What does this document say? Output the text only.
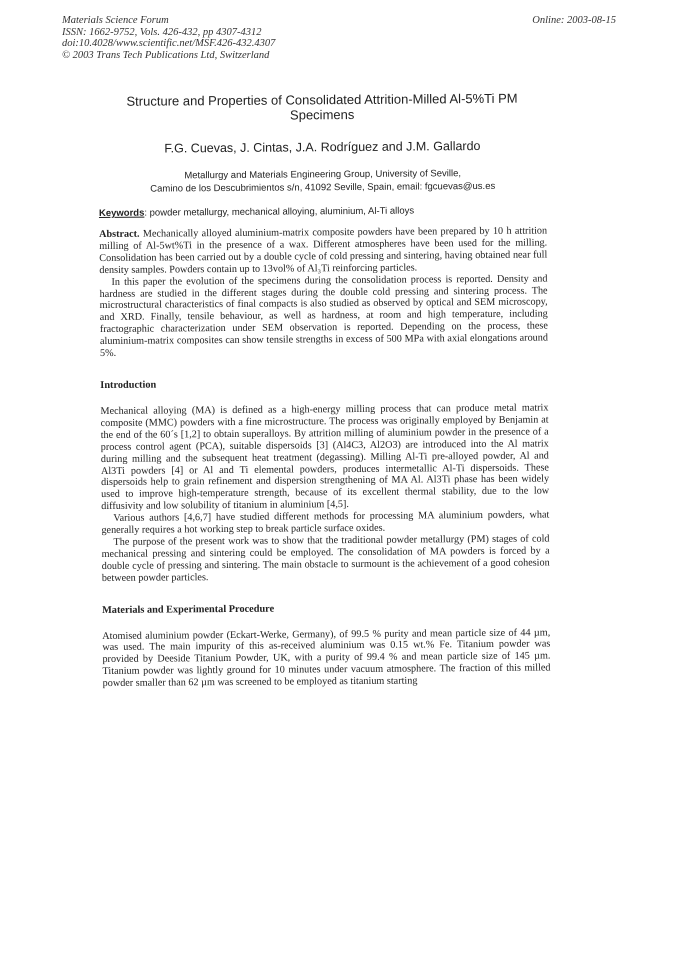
Materials Science Forum
ISSN: 1662-9752, Vols. 426-432, pp 4307-4312
doi:10.4028/www.scientific.net/MSF.426-432.4307
© 2003 Trans Tech Publications Ltd, Switzerland
Online: 2003-08-15
Structure and Properties of Consolidated Attrition-Milled Al-5%Ti PM Specimens
F.G. Cuevas, J. Cintas, J.A. Rodríguez and J.M. Gallardo
Metallurgy and Materials Engineering Group, University of Seville,
Camino de los Descubrimientos s/n, 41092 Seville, Spain, email: fgcuevas@us.es
Keywords: powder metallurgy, mechanical alloying, aluminium, Al-Ti alloys

Abstract. Mechanically alloyed aluminium-matrix composite powders have been prepared by 10 h attrition milling of Al-5wt%Ti in the presence of a wax. Different atmospheres have been used for the milling. Consolidation has been carried out by a double cycle of cold pressing and sintering, having obtained near full density samples. Powders contain up to 13vol% of Al₃Ti reinforcing particles.

In this paper the evolution of the specimens during the consolidation process is reported. Density and hardness are studied in the different stages during the double cold pressing and sintering process. The microstructural characteristics of final compacts is also studied as observed by optical and SEM microscopy, and XRD. Finally, tensile behaviour, as well as hardness, at room and high temperature, including fractographic characterization under SEM observation is reported. Depending on the process, these aluminium-matrix composites can show tensile strengths in excess of 500 MPa with axial elongations around 5%.

Introduction

Mechanical alloying (MA) is defined as a high-energy milling process that can produce metal matrix composite (MMC) powders with a fine microstructure. The process was originally employed by Benjamin at the end of the 60´s [1,2] to obtain superalloys. By attrition milling of aluminium powder in the presence of a process control agent (PCA), suitable dispersoids [3] (Al4C3, Al2O3) are introduced into the Al matrix during milling and the subsequent heat treatment (degassing). Milling Al-Ti pre-alloyed powder, Al and Al3Ti powders [4] or Al and Ti elemental powders, produces intermetallic Al-Ti dispersoids. These dispersoids help to grain refinement and dispersion strengthening of MA Al. Al3Ti phase has been widely used to improve high-temperature strength, because of its excellent thermal stability, due to the low diffusivity and low solubility of titanium in aluminium [4,5].

Various authors [4,6,7] have studied different methods for processing MA aluminium powders, what generally requires a hot working step to break particle surface oxides.

The purpose of the present work was to show that the traditional powder metallurgy (PM) stages of cold mechanical pressing and sintering could be employed. The consolidation of MA powders is forced by a double cycle of pressing and sintering. The main obstacle to surmount is the achievement of a good cohesion between powder particles.

Materials and Experimental Procedure

Atomised aluminium powder (Eckart-Werke, Germany), of 99.5 % purity and mean particle size of 44 µm, was used. The main impurity of this as-received aluminium was 0.15 wt.% Fe. Titanium powder was provided by Deeside Titanium Powder, UK, with a purity of 99.4 % and mean particle size of 145 µm. Titanium powder was lightly ground for 10 minutes under vacuum atmosphere. The fraction of this milled powder smaller than 62 µm was screened to be employed as titanium starting
